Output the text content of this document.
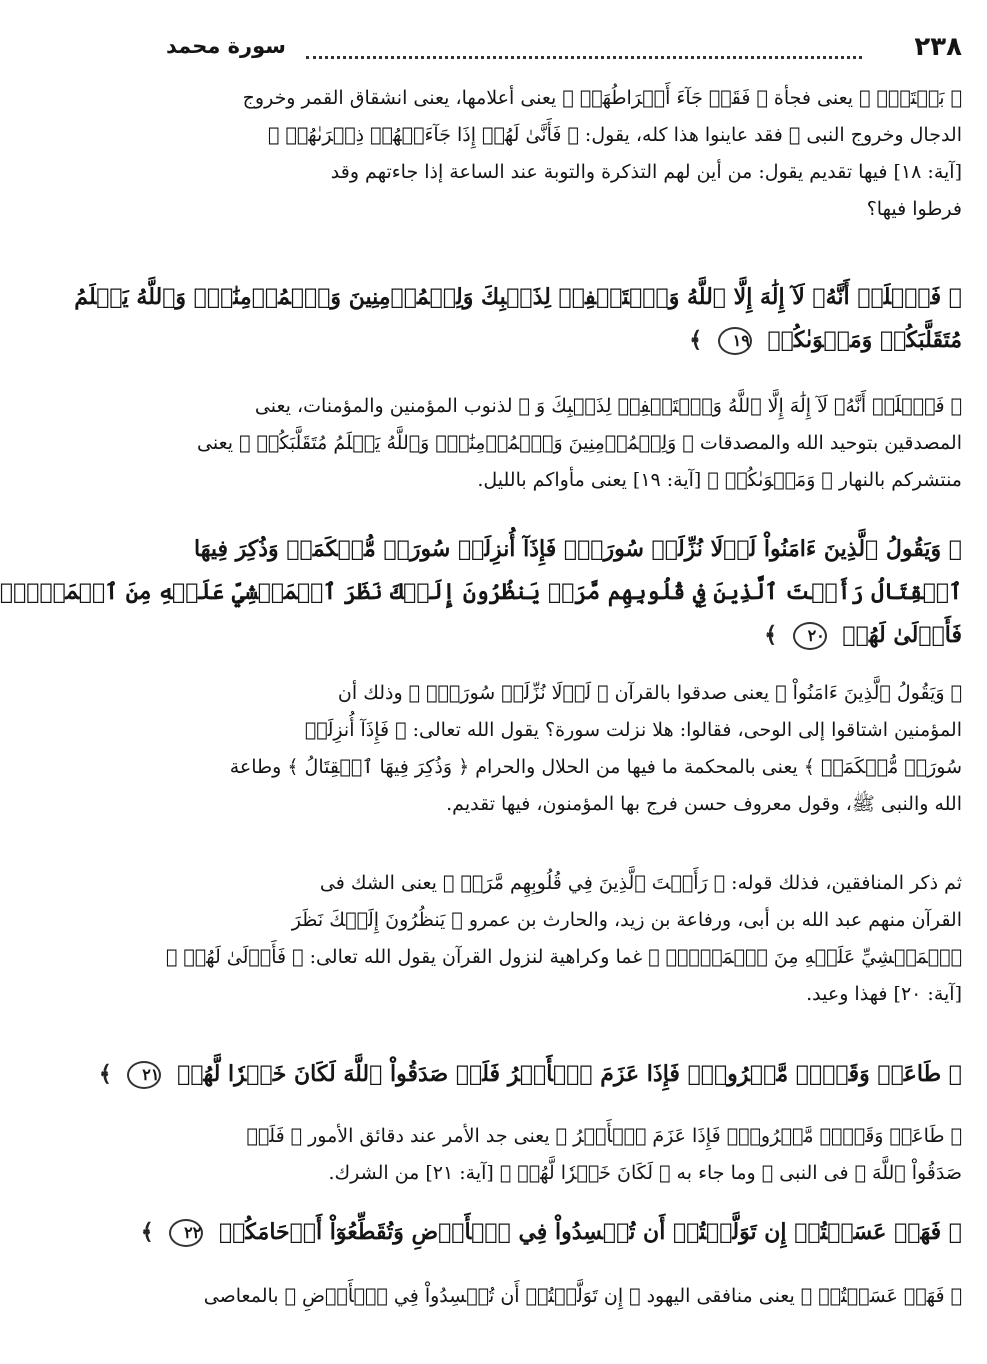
٢٣٨
سورة محمد
﴿ بَغۡتَةًۖ ﴾ يعنى فجأة ﴿ فَقَدۡ جَآءَ أَشۡرَاطُهَاۚ ﴾ يعنى أعلامها، يعنى انشقاق القمر وخروج
الدجال وخروج النبى ﷺ فقد عاينوا هذا كله، يقول: ﴿ فَأَنَّىٰ لَهُمۡ إِذَا جَآءَتۡهُمۡ ذِكۡرَىٰهُمۡ ﴾
[آية: ١٨] فيها تقديم يقول: من أين لهم التذكرة والتوبة عند الساعة إذا جاءتهم وقد
فرطوا فيها؟
﴿ فَٱعۡلَمۡ أَنَّهُۥ لَآ إِلَٰهَ إِلَّا ٱللَّهُ وَٱسۡتَغۡفِرۡ لِذَنۢبِكَ وَلِلۡمُؤۡمِنِينَ وَٱلۡمُؤۡمِنَٰتِۗ وَٱللَّهُ يَعۡلَمُ
مُتَقَلَّبَكُمۡ وَمَثۡوَىٰكُمۡ ١٩ ﴾
﴿ فَٱعۡلَمۡ أَنَّهُۥ لَآ إِلَٰهَ إِلَّا ٱللَّهُ وَٱسۡتَغۡفِرۡ لِذَنۢبِكَ وَ ﴾ لذنوب المؤمنين والمؤمنات، يعنى
المصدقين بتوحيد الله والمصدقات ﴿ وَلِلۡمُؤۡمِنِينَ وَٱلۡمُؤۡمِنَٰتِۗ وَٱللَّهُ يَعۡلَمُ مُتَقَلَّبَكُمۡ ﴾ يعنى
منتشركم بالنهار ﴿ وَمَثۡوَىٰكُمۡ ﴾ [آية: ١٩] يعنى مأواكم بالليل.
﴿ وَيَقُولُ ٱلَّذِينَ ءَامَنُواْ لَوۡلَا نُزِّلَتۡ سُورَةٞۖ فَإِذَآ أُنزِلَتۡ سُورَةٞ مُّحۡكَمَةٞ وَذُكِرَ فِيهَا
ٱلۡقِتَالُ رَأَيۡتَ ٱلَّذِينَ فِي قُلُوبِهِم مَّرَضٞ يَنظُرُونَ إِلَيۡكَ نَظَرَ ٱلۡمَغۡشِيِّ عَلَيۡهِ مِنَ ٱلۡمَوۡتِۖ
فَأَوۡلَىٰ لَهُمۡ ٢٠ ﴾
﴿ وَيَقُولُ ٱلَّذِينَ ءَامَنُواْ ﴾ يعنى صدقوا بالقرآن ﴿ لَوۡلَا نُزِّلَتۡ سُورَةٞۖ ﴾ وذلك أن
المؤمنين اشتاقوا إلى الوحى، فقالوا: هلا نزلت سورة؟ يقول الله تعالى: ﴿ فَإِذَآ أُنزِلَتۡ
سُورَةٞ مُّحۡكَمَةٞ ﴾ يعنى بالمحكمة ما فيها من الحلال والحرام ﴿ وَذُكِرَ فِيهَا ٱلۡقِتَالُ ﴾ وطاعة
الله والنبى ﷺ، وقول معروف حسن فرج بها المؤمنون، فيها تقديم.
ثم ذكر المنافقين، فذلك قوله: ﴿ رَأَيۡتَ ٱلَّذِينَ فِي قُلُوبِهِم مَّرَضٞ ﴾ يعنى الشك فى
القرآن منهم عبد الله بن أبى، ورفاعة بن زيد، والحارث بن عمرو ﴿ يَنظُرُونَ إِلَيۡكَ نَظَرَ
ٱلۡمَغۡشِيِّ عَلَيۡهِ مِنَ ٱلۡمَوۡتِۖ ﴾ غما وكراهية لنزول القرآن يقول الله تعالى: ﴿ فَأَوۡلَىٰ لَهُمۡ ﴾
[آية: ٢٠] فهذا وعيد.
﴿ طَاعَةٞ وَقَوۡلٞ مَّعۡرُوفٞۚ فَإِذَا عَزَمَ ٱلۡأَمۡرُ فَلَوۡ صَدَقُواْ ٱللَّهَ لَكَانَ خَيۡرٗا لَّهُمۡ ٢١ ﴾
﴿ طَاعَةٞ وَقَوۡلٞ مَّعۡرُوفٞۚ فَإِذَا عَزَمَ ٱلۡأَمۡرُ ﴾ يعنى جد الأمر عند دقائق الأمور ﴿ فَلَوۡ
صَدَقُواْ ٱللَّهَ ﴾ فى النبى ﷺ وما جاء به ﴿ لَكَانَ خَيۡرٗا لَّهُمۡ ﴾ [آية: ٢١] من الشرك.
﴿ فَهَلۡ عَسَيۡتُمۡ إِن تَوَلَّيۡتُمۡ أَن تُفۡسِدُواْ فِي ٱلۡأَرۡضِ وَتُقَطِّعُوٓاْ أَرۡحَامَكُمۡ ٢٢ ﴾
﴿ فَهَلۡ عَسَيۡتُمۡ ﴾ يعنى منافقى اليهود ﴿ إِن تَوَلَّيۡتُمۡ أَن تُفۡسِدُواْ فِي ٱلۡأَرۡضِ ﴾ بالمعاصى
